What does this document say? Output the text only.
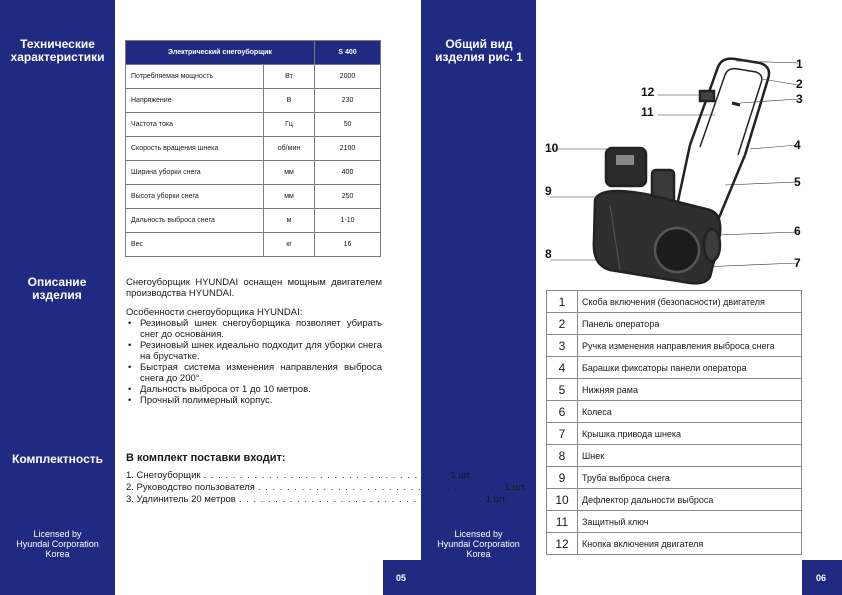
Технические характеристики
Описание изделия
Комплектность
Licensed by
Hyundai Corporation
Korea
05
Электрический снегоуборщик		S 400
Потребляемая мощность	Вт	2000
Напряжение	В	230
Частота тока	Гц	50
Скорость вращения шнека	об/мин	2100
Ширина уборки снега	мм	400
Высота уборки снега	мм	250
Дальность выброса снега	м	1-10
Вес	кг	16

Снегоуборщик HYUNDAI оснащен мощным двигателем производства HYUNDAI.

Особенности снегоуборщика HYUNDAI:

• Резиновый шнек снегоуборщика позволяет убирать снег до основания.
• Резиновый шнек идеально подходит для уборки снега на брусчатке.
• Быстрая система изменения направления выброса снега до 200°.
• Дальность выброса от 1 до 10 метров.
• Прочный полимерный корпус.
В комплект поставки входит:
1. Снегоуборщик . . . . . . . . . . . . . . . . . . . . . . . . . . . . . . . . . . 1 шт.
2. Руководство пользователя . . . . . . . . . . . . . . . . . . . . . . . . . . . . . . . . . . 1 шт.
3. Удлинитель 20 метров . . . . . . . . . . . . . . . . . . . . . . . . . . . . . . . . . . 1 шт.
Общий вид изделия рис. 1
Licensed by
Hyundai Corporation
Korea
06
1
2
3
4
5
6
7
8
9
10
11
12
1	Скоба включения (безопасности) двигателя
2	Панель оператора
3	Ручка изменения направления выброса снега
4	Барашки фиксаторы панели оператора
5	Нижняя рама
6	Колеса
7	Крышка привода шнека
8	Шнек
9	Труба выброса снега
10	Дефлектор дальности выброса
11	Защитный ключ
12	Кнопка включения двигателя
